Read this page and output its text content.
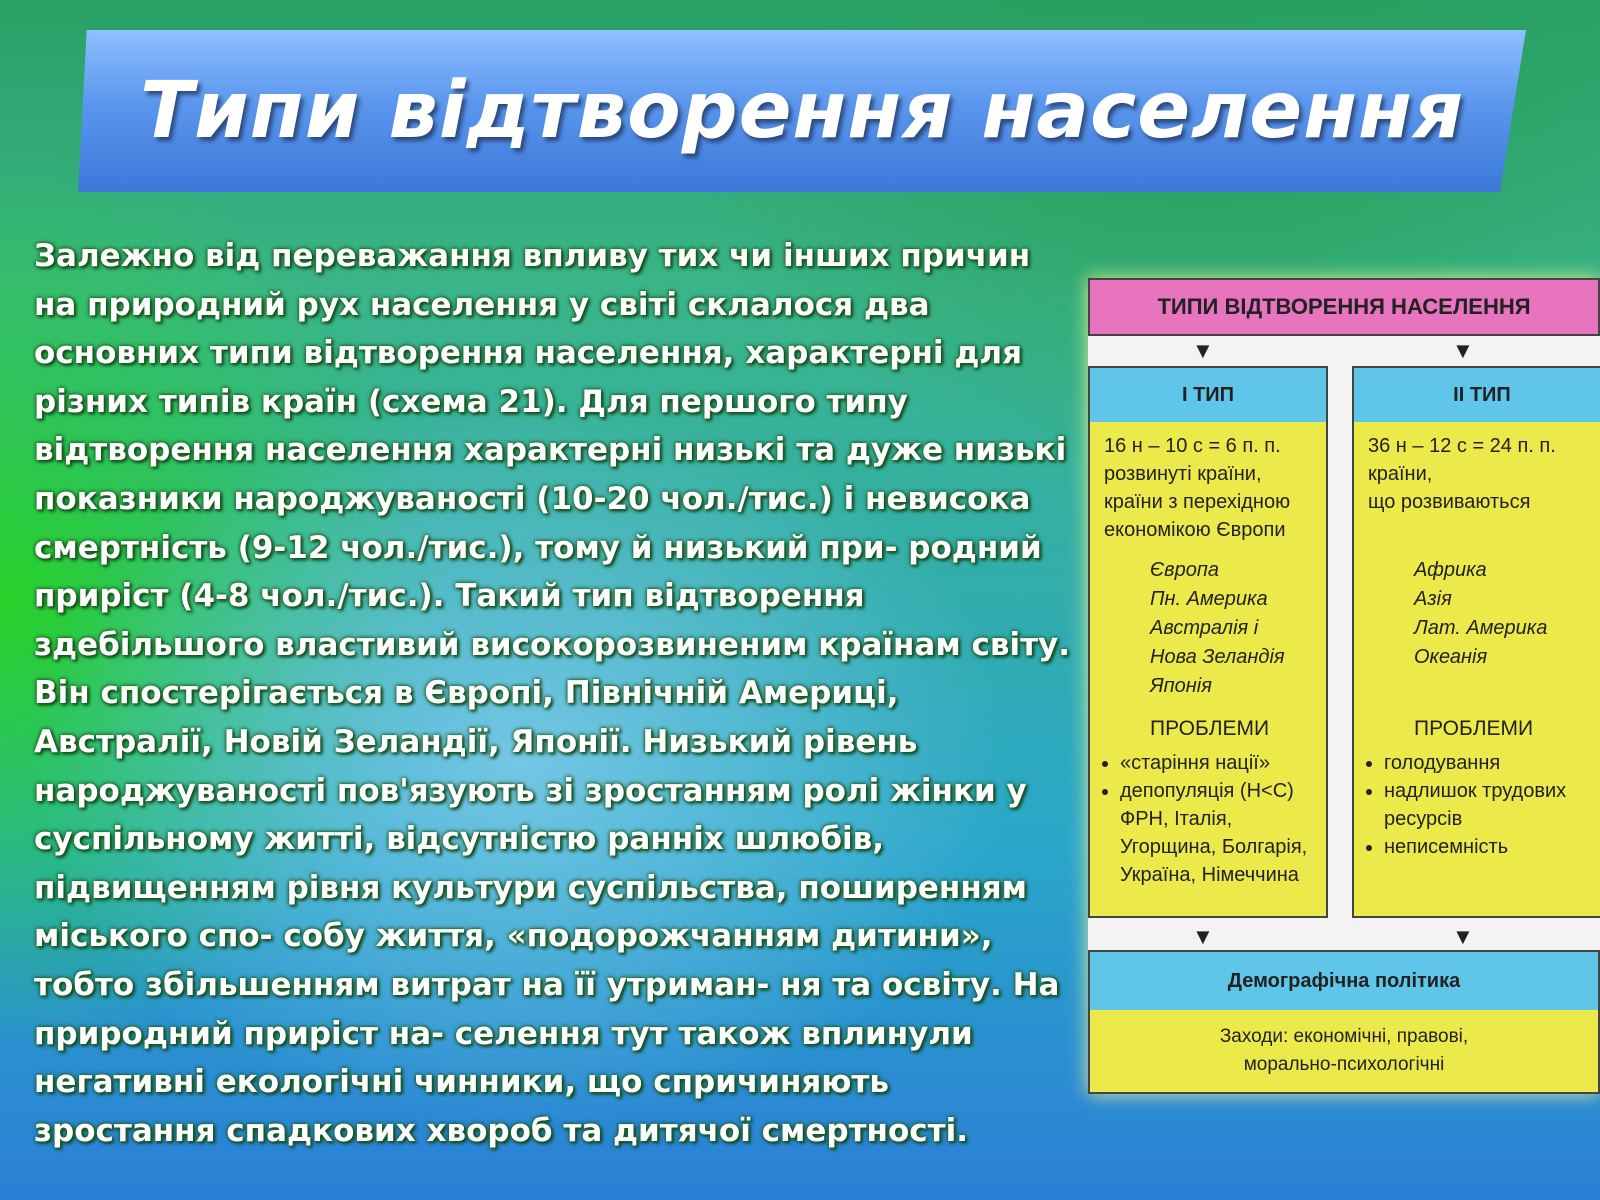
Типи відтворення населення

Залежно від переважання впливу тих чи інших причин на природний рух населення у світі склалося два основних типи відтворення населення, характерні для різних типів країн (схема 21). Для першого типу відтворення населення характерні низькі та дуже низькі показники народжуваності (10-20 чол./тис.) і невисока смертність (9-12 чол./тис.), тому й низький при- родний приріст (4-8 чол./тис.). Такий тип відтворення здебільшого властивий високорозвиненим країнам світу. Він спостерігається в Європі, Північній Америці, Австралії, Новій Зеландії, Японії. Низький рівень народжуваності пов'язують зі зростанням ролі жінки у суспільному житті, відсутністю ранніх шлюбів, підвищенням рівня культури суспільства, поширенням міського спо- собу життя, «подорожчанням дитини», тобто збільшенням витрат на її утриман- ня та освіту. На природний приріст на- селення тут також вплинули негативні екологічні чинники, що спричиняють зростання спадкових хвороб та дитячої смертності.

ТИПИ ВІДТВОРЕННЯ НАСЕЛЕННЯ
▼	▼
І ТИП

16 н – 10 с = 6 п. п.

розвинуті країни,
країни з перехідною
економікою Європи
Європа
Пн. Америка
Австралія і
Нова Зеландія
Японія
ПРОБЛЕМИ
• «старіння нації»
• депопуляція (Н<С)
ФРН, Італія,
Угорщина, Болгарія,
Україна, Німеччина
ІІ ТИП

36 н – 12 с = 24 п. п.

країни,
що розвиваються
Африка
Азія
Лат. Америка
Океанія
ПРОБЛЕМИ
• голодування
• надлишок трудових
ресурсів
• неписемність
▼	▼
Демографічна політика
Заходи: економічні, правові,
морально-психологічні
